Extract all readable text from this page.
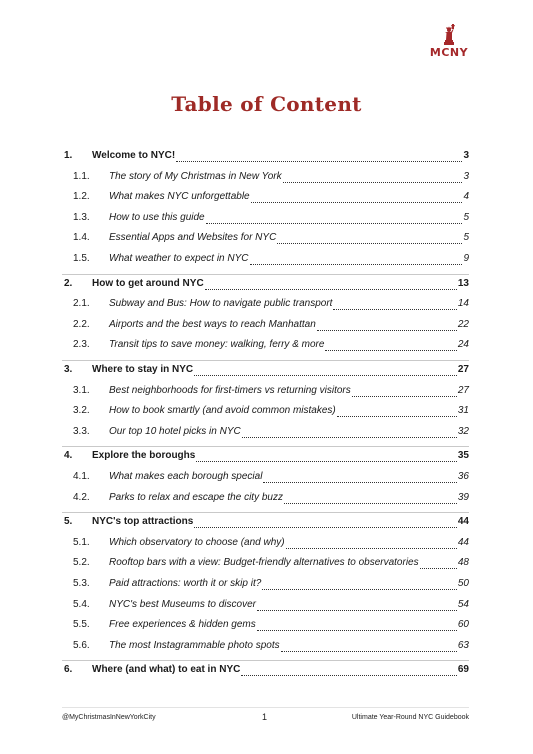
MCNY
Table of Content
1.	Welcome to NYC!	3
1.1.	The story of My Christmas in New York	3
1.2.	What makes NYC unforgettable	4
1.3.	How to use this guide	5
1.4.	Essential Apps and Websites for NYC	5
1.5.	What weather to expect in NYC	9
2.	How to get around NYC	13
2.1.	Subway and Bus: How to navigate public transport	14
2.2.	Airports and the best ways to reach Manhattan	22
2.3.	Transit tips to save money: walking, ferry & more	24
3.	Where to stay in NYC	27
3.1.	Best neighborhoods for first-timers vs returning visitors	27
3.2.	How to book smartly (and avoid common mistakes)	31
3.3.	Our top 10 hotel picks in NYC	32
4.	Explore the boroughs	35
4.1.	What makes each borough special	36
4.2.	Parks to relax and escape the city buzz	39
5.	NYC's top attractions	44
5.1.	Which observatory to choose (and why)	44
5.2.	Rooftop bars with a view: Budget-friendly alternatives to observatories	48
5.3.	Paid attractions: worth it or skip it?	50
5.4.	NYC's best Museums to discover	54
5.5.	Free experiences & hidden gems	60
5.6.	The most Instagrammable photo spots	63
6.	Where (and what) to eat in NYC	69
@MyChristmasInNewYorkCity	1	Ultimate Year-Round NYC Guidebook
